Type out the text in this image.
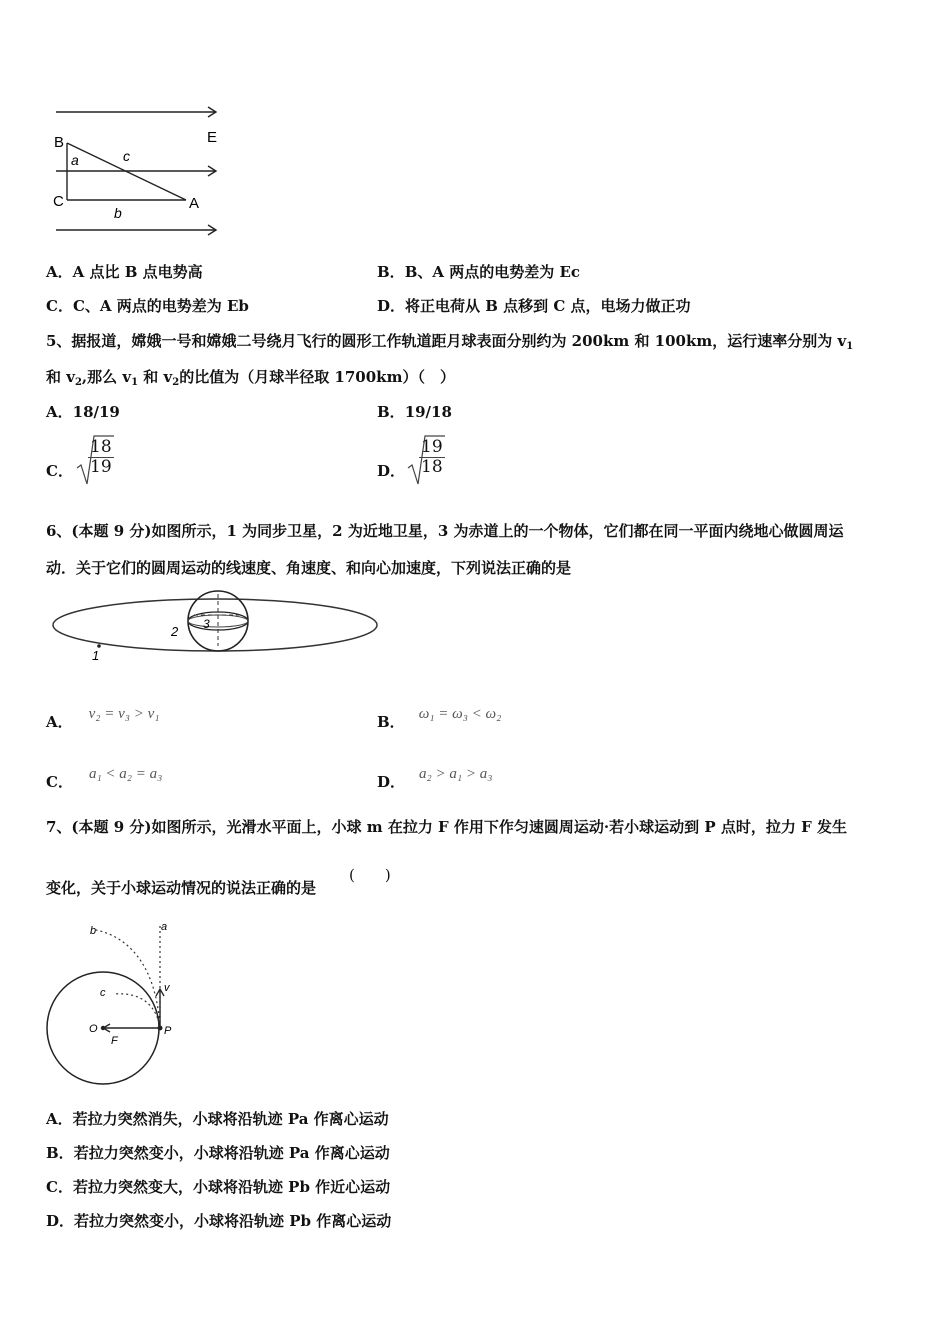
B
C	A
E
a
b
c
A．A 点比 B 点电势高	B．B、A 两点的电势差为 Ec
C．C、A 两点的电势差为 Eb	D．将正电荷从 B 点移到 C 点，电场力做正功
5、据报道，嫦娥一号和嫦娥二号绕月飞行的圆形工作轨道距月球表面分别约为 200km 和 100km，运行速率分别为 $v_1$
和 $v_2$,那么 $v_1$ 和 $v_2$的比值为（月球半径取 1700km）（　）
A．18/19	B．19/18
C． $\frac{18}{19}$	D． $\frac{19}{18}$
6、(本题 9 分)如图所示，1 为同步卫星，2 为近地卫星，3 为赤道上的一个物体，它们都在同一平面内绕地心做圆周运
动．关于它们的圆周运动的线速度、角速度、和向心加速度，下列说法正确的是
1
2 3
A． v₂ = v₃ > v₁	B． ω₁ = ω₃ < ω₂
C． a₁ < a₂ = a₃	D． a₂ > a₁ > a₃
7、(本题 9 分)如图所示，光滑水平面上，小球 m 在拉力 F 作用下作匀速圆周运动·若小球运动到 P 点时，拉力 F 发生
变化，关于小球运动情况的说法正确的是
(　　)
a
b
c	v
O	P
F
A．若拉力突然消失，小球将沿轨迹 Pa 作离心运动
B．若拉力突然变小，小球将沿轨迹 Pa 作离心运动
C．若拉力突然变大，小球将沿轨迹 Pb 作近心运动
D．若拉力突然变小，小球将沿轨迹 Pb 作离心运动
